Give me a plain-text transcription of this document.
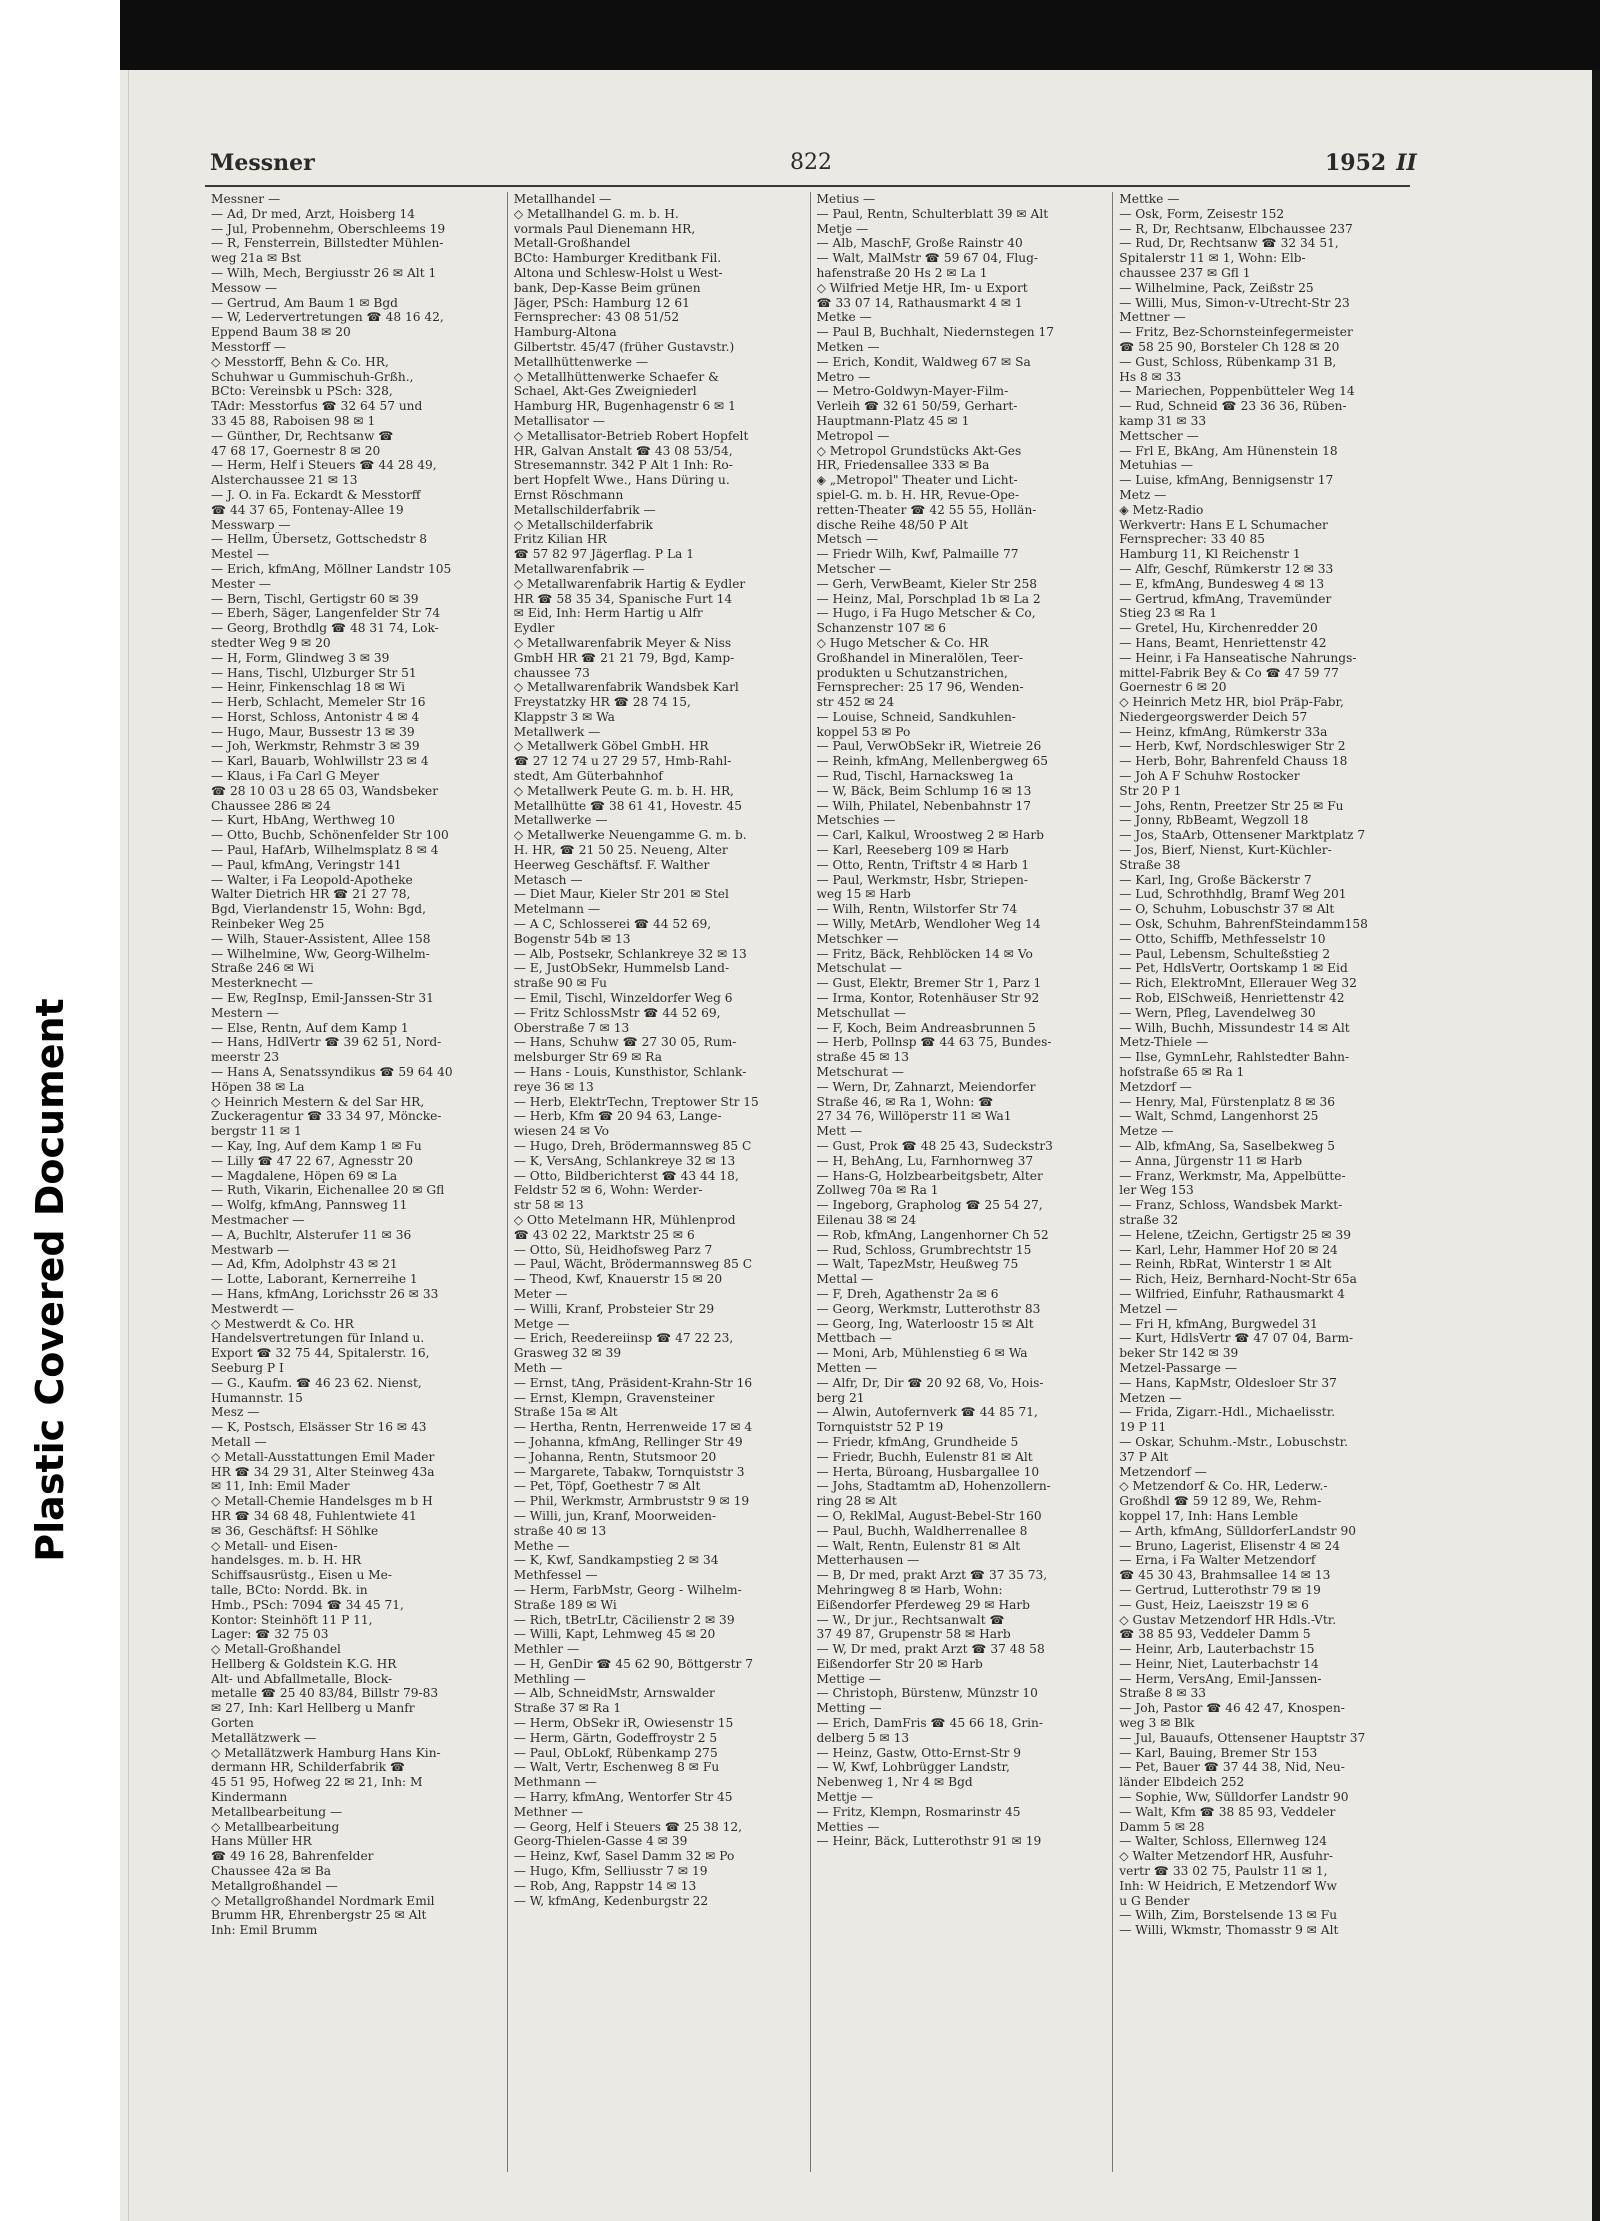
Plastic Covered Document
Messner	822	1952 II
Messner —
— Ad, Dr med, Arzt, Hoisberg 14
— Jul, Probennehm, Oberschleems 19
— R, Fensterrein, Billstedter Mühlen-
weg 21a ✉ Bst
— Wilh, Mech, Bergiusstr 26 ✉ Alt 1
Messow —
— Gertrud, Am Baum 1 ✉ Bgd
— W, Ledervertretungen ☎ 48 16 42,
Eppend Baum 38 ✉ 20
Messtorff —
◇ Messtorff, Behn & Co. HR,
Schuhwar u Gummischuh-Grßh.,
BCto: Vereinsbk u PSch: 328,
TAdr: Messtorfus ☎ 32 64 57 und
33 45 88, Raboisen 98 ✉ 1
— Günther, Dr, Rechtsanw ☎
47 68 17, Goernestr 8 ✉ 20
— Herm, Helf i Steuers ☎ 44 28 49,
Alsterchaussee 21 ✉ 13
— J. O. in Fa. Eckardt & Messtorff
☎ 44 37 65, Fontenay-Allee 19
Messwarp —
— Hellm, Übersetz, Gottschedstr 8
Mestel —
— Erich, kfmAng, Möllner Landstr 105
Mester —
— Bern, Tischl, Gertigstr 60 ✉ 39
— Eberh, Säger, Langenfelder Str 74
— Georg, Brothdlg ☎ 48 31 74, Lok-
stedter Weg 9 ✉ 20
— H, Form, Glindweg 3 ✉ 39
— Hans, Tischl, Ulzburger Str 51
— Heinr, Finkenschlag 18 ✉ Wi
— Herb, Schlacht, Memeler Str 16
— Horst, Schloss, Antonistr 4 ✉ 4
— Hugo, Maur, Bussestr 13 ✉ 39
— Joh, Werkmstr, Rehmstr 3 ✉ 39
— Karl, Bauarb, Wohlwillstr 23 ✉ 4
— Klaus, i Fa Carl G Meyer
☎ 28 10 03 u 28 65 03, Wandsbeker
Chaussee 286 ✉ 24
— Kurt, HbAng, Werthweg 10
— Otto, Buchb, Schönenfelder Str 100
— Paul, HafArb, Wilhelmsplatz 8 ✉ 4
— Paul, kfmAng, Veringstr 141
— Walter, i Fa Leopold-Apotheke
Walter Dietrich HR ☎ 21 27 78,
Bgd, Vierlandenstr 15, Wohn: Bgd,
Reinbeker Weg 25
— Wilh, Stauer-Assistent, Allee 158
— Wilhelmine, Ww, Georg-Wilhelm-
Straße 246 ✉ Wi
Mesterknecht —
— Ew, RegInsp, Emil-Janssen-Str 31
Mestern —
— Else, Rentn, Auf dem Kamp 1
— Hans, HdlVertr ☎ 39 62 51, Nord-
meerstr 23
— Hans A, Senatssyndikus ☎ 59 64 40
Höpen 38 ✉ La
◇ Heinrich Mestern & del Sar HR,
Zuckeragentur ☎ 33 34 97, Mönckе-
bergstr 11 ✉ 1
— Kay, Ing, Auf dem Kamp 1 ✉ Fu
— Lilly ☎ 47 22 67, Agnesstr 20
— Magdalene, Höpen 69 ✉ La
— Ruth, Vikarin, Eichenallee 20 ✉ Gfl
— Wolfg, kfmAng, Pannsweg 11
Mestmacher —
— A, Buchltr, Alsterufer 11 ✉ 36
Mestwarb —
— Ad, Kfm, Adolphstr 43 ✉ 21
— Lotte, Laborant, Kernerreihe 1
— Hans, kfmAng, Lorichsstr 26 ✉ 33
Mestwerdt —
◇ Mestwerdt & Co. HR
Handelsvertretungen für Inland u.
Export ☎ 32 75 44, Spitalerstr. 16,
Seeburg P I
— G., Kaufm. ☎ 46 23 62. Nienst,
Humannstr. 15
Mesz —
— K, Postsch, Elsässer Str 16 ✉ 43
Metall —
◇ Metall-Ausstattungen Emil Mader
HR ☎ 34 29 31, Alter Steinweg 43a
✉ 11, Inh: Emil Mader
◇ Metall-Chemie Handelsges m b H
HR ☎ 34 68 48, Fuhlentwiete 41
✉ 36, Geschäftsf: H Söhlke
◇ Metall- und Eisen-
handelsges. m. b. H. HR
Schiffsausrüstg., Eisen u Me-
talle, BCto: Nordd. Bk. in
Hmb., PSch: 7094 ☎ 34 45 71,
Kontor: Steinhöft 11 P 11,
Lager: ☎ 32 75 03
◇ Metall-Großhandel
Hellberg & Goldstein K.G. HR
Alt- und Abfallmetalle, Block-
metalle ☎ 25 40 83/84, Billstr 79-83
✉ 27, Inh: Karl Hellberg u Manfr
Gorten
Metallätzwerk —
◇ Metallätzwerk Hamburg Hans Kin-
dermann HR, Schilderfabrik ☎
45 51 95, Hofweg 22 ✉ 21, Inh: M
Kindermann
Metallbearbeitung —
◇ Metallbearbeitung
Hans Müller HR
☎ 49 16 28, Bahrenfelder
Chaussee 42a ✉ Ba
Metallgroßhandel —
◇ Metallgroßhandel Nordmark Emil
Brumm HR, Ehrenbergstr 25 ✉ Alt
Inh: Emil Brumm
Metallhandel —
◇ Metallhandel G. m. b. H.
vormals Paul Dienemann HR,
Metall-Großhandel
BCto: Hamburger Kreditbank Fil.
Altona und Schlesw-Holst u West-
bank, Dep-Kasse Beim grünen
Jäger, PSch: Hamburg 12 61
Fernsprecher: 43 08 51/52
Hamburg-Altona
Gilbertstr. 45/47 (früher Gustavstr.)
Metallhüttenwerke —
◇ Metallhüttenwerke Schaefer &
Schael, Akt-Ges Zweigniederl
Hamburg HR, Bugenhagenstr 6 ✉ 1
Metallisator —
◇ Metallisator-Betrieb Robert Hopfelt
HR, Galvan Anstalt ☎ 43 08 53/54,
Stresemannstr. 342 P Alt 1 Inh: Ro-
bert Hopfelt Wwe., Hans Düring u.
Ernst Röschmann
Metallschilderfabrik —
◇ Metallschilderfabrik
Fritz Kilian HR
☎ 57 82 97 Jägerflag. P La 1
Metallwarenfabrik —
◇ Metallwarenfabrik Hartig & Eydler
HR ☎ 58 35 34, Spanische Furt 14
✉ Eid, Inh: Herm Hartig u Alfr
Eydler
◇ Metallwarenfabrik Meyer & Niss
GmbH HR ☎ 21 21 79, Bgd, Kamp-
chaussee 73
◇ Metallwarenfabrik Wandsbek Karl
Freystatzky HR ☎ 28 74 15,
Klappstr 3 ✉ Wa
Metallwerk —
◇ Metallwerk Göbel GmbH. HR
☎ 27 12 74 u 27 29 57, Hmb-Rahl-
stedt, Am Güterbahnhof
◇ Metallwerk Peute G. m. b. H. HR,
Metallhütte ☎ 38 61 41, Hovestr. 45
Metallwerke —
◇ Metallwerke Neuengamme G. m. b.
H. HR, ☎ 21 50 25. Neueng, Alter
Heerweg Geschäftsf. F. Walther
Metasch —
— Diet Maur, Kieler Str 201 ✉ Stel
Metelmann —
— A C, Schlosserei ☎ 44 52 69,
Bogenstr 54b ✉ 13
— Alb, Postsekr, Schlankreye 32 ✉ 13
— E, JustObSekr, Hummelsb Land-
straße 90 ✉ Fu
— Emil, Tischl, Winzeldorfer Weg 6
— Fritz SchlossMstr ☎ 44 52 69,
Oberstraße 7 ✉ 13
— Hans, Schuhw ☎ 27 30 05, Rum-
melsburger Str 69 ✉ Ra
— Hans - Louis, Kunsthistor, Schlank-
reye 36 ✉ 13
— Herb, ElektrTechn, Treptower Str 15
— Herb, Kfm ☎ 20 94 63, Lange-
wiesen 24 ✉ Vo
— Hugo, Dreh, Brödermannsweg 85 C
— K, VersAng, Schlankreye 32 ✉ 13
— Otto, Bildberichterst ☎ 43 44 18,
Feldstr 52 ✉ 6, Wohn: Werder-
str 58 ✉ 13
◇ Otto Metelmann HR, Mühlenprod
☎ 43 02 22, Marktstr 25 ✉ 6
— Otto, Sü, Heidhofsweg Parz 7
— Paul, Wächt, Brödermannsweg 85 C
— Theod, Kwf, Knauerstr 15 ✉ 20
Meter —
— Willi, Kranf, Probsteier Str 29
Metge —
— Erich, Reedereiinsp ☎ 47 22 23,
Grasweg 32 ✉ 39
Meth —
— Ernst, tAng, Präsident-Krahn-Str 16
— Ernst, Klempn, Gravensteiner
Straße 15a ✉ Alt
— Hertha, Rentn, Herrenweide 17 ✉ 4
— Johanna, kfmAng, Rellinger Str 49
— Johanna, Rentn, Stutsmoor 20
— Margarete, Tabakw, Tornquiststr 3
— Pet, Töpf, Goethestr 7 ✉ Alt
— Phil, Werkmstr, Armbruststr 9 ✉ 19
— Willi, jun, Kranf, Moorweiden-
straße 40 ✉ 13
Methe —
— K, Kwf, Sandkampstieg 2 ✉ 34
Methfessel —
— Herm, FarbMstr, Georg - Wilhelm-
Straße 189 ✉ Wi
— Rich, tBetrLtr, Cäcilienstr 2 ✉ 39
— Willi, Kapt, Lehmweg 45 ✉ 20
Methler —
— H, GenDir ☎ 45 62 90, Böttgerstr 7
Methling —
— Alb, SchneidMstr, Arnswalder
Straße 37 ✉ Ra 1
— Herm, ObSekr iR, Owiesenstr 15
— Herm, Gärtn, Godeffroystr 2 5
— Paul, ObLokf, Rübenkamp 275
— Walt, Vertr, Eschenweg 8 ✉ Fu
Methmann —
— Harry, kfmAng, Wentorfer Str 45
Methner —
— Georg, Helf i Steuers ☎ 25 38 12,
Georg-Thielen-Gasse 4 ✉ 39
— Heinz, Kwf, Sasel Damm 32 ✉ Po
— Hugo, Kfm, Selliusstr 7 ✉ 19
— Rob, Ang, Rappstr 14 ✉ 13
— W, kfmAng, Kedenburgstr 22
Metius —
— Paul, Rentn, Schulterblatt 39 ✉ Alt
Metje —
— Alb, MaschF, Große Rainstr 40
— Walt, MalMstr ☎ 59 67 04, Flug-
hafenstraße 20 Hs 2 ✉ La 1
◇ Wilfried Metje HR, Im- u Export
☎ 33 07 14, Rathausmarkt 4 ✉ 1
Metke —
— Paul B, Buchhalt, Niedernstegen 17
Metken —
— Erich, Kondit, Waldweg 67 ✉ Sa
Metro —
— Metro-Goldwyn-Mayer-Film-
Verleih ☎ 32 61 50/59, Gerhart-
Hauptmann-Platz 45 ✉ 1
Metropol —
◇ Metropol Grundstücks Akt-Ges
HR, Friedensallee 333 ✉ Ba
◈ „Metropol" Theater und Licht-
spiel-G. m. b. H. HR, Revue-Ope-
retten-Theater ☎ 42 55 55, Hollän-
dische Reihe 48/50 P Alt
Metsch —
— Friedr Wilh, Kwf, Palmaille 77
Metscher —
— Gerh, VerwBeamt, Kieler Str 258
— Heinz, Mal, Porschplad 1b ✉ La 2
— Hugo, i Fa Hugo Metscher & Co,
Schanzenstr 107 ✉ 6
◇ Hugo Metscher & Co. HR
Großhandel in Mineralölen, Teer-
produkten u Schutzanstrichen,
Fernsprecher: 25 17 96, Wenden-
str 452 ✉ 24
— Louise, Schneid, Sandkuhlen-
koppel 53 ✉ Po
— Paul, VerwObSekr iR, Wietreie 26
— Reinh, kfmAng, Mellenbergweg 65
— Rud, Tischl, Harnacksweg 1a
— W, Bäck, Beim Schlump 16 ✉ 13
— Wilh, Philatel, Nebenbahnstr 17
Metschies —
— Carl, Kalkul, Wroostweg 2 ✉ Harb
— Karl, Reeseberg 109 ✉ Harb
— Otto, Rentn, Triftstr 4 ✉ Harb 1
— Paul, Werkmstr, Hsbr, Striepen-
weg 15 ✉ Harb
— Wilh, Rentn, Wilstorfer Str 74
— Willy, MetArb, Wendloher Weg 14
Metschker —
— Fritz, Bäck, Rehblöcken 14 ✉ Vo
Metschulat —
— Gust, Elektr, Bremer Str 1, Parz 1
— Irma, Kontor, Rotenhäuser Str 92
Metschullat —
— F, Koch, Beim Andreasbrunnen 5
— Herb, Pollnsp ☎ 44 63 75, Bundes-
straße 45 ✉ 13
Metschurat —
— Wern, Dr, Zahnarzt, Meiendorfer
Straße 46, ✉ Ra 1, Wohn: ☎
27 34 76, Willöperstr 11 ✉ Wa1
Mett —
— Gust, Prok ☎ 48 25 43, Sudeckstr3
— H, BehAng, Lu, Farnhornweg 37
— Hans-G, Holzbearbeitgsbetr, Alter
Zollweg 70a ✉ Ra 1
— Ingeborg, Grapholog ☎ 25 54 27,
Eilenau 38 ✉ 24
— Rob, kfmAng, Langenhorner Ch 52
— Rud, Schloss, Grumbrechtstr 15
— Walt, TapezMstr, Heußweg 75
Mettal —
— F, Dreh, Agathenstr 2a ✉ 6
— Georg, Werkmstr, Lutterothstr 83
— Georg, Ing, Waterloostr 15 ✉ Alt
Mettbach —
— Moni, Arb, Mühlenstieg 6 ✉ Wa
Metten —
— Alfr, Dr, Dir ☎ 20 92 68, Vo, Hois-
berg 21
— Alwin, Autofernverk ☎ 44 85 71,
Tornquiststr 52 P 19
— Friedr, kfmAng, Grundheide 5
— Friedr, Buchh, Eulenstr 81 ✉ Alt
— Herta, Büroang, Husbargallee 10
— Johs, Stadtamtm aD, Hohenzollern-
ring 28 ✉ Alt
— O, ReklMal, August-Bebel-Str 160
— Paul, Buchh, Waldherrenallee 8
— Walt, Rentn, Eulenstr 81 ✉ Alt
Metterhausen —
— B, Dr med, prakt Arzt ☎ 37 35 73,
Mehringweg 8 ✉ Harb, Wohn:
Eißendorfer Pferdeweg 29 ✉ Harb
— W., Dr jur., Rechtsanwalt ☎
37 49 87, Grupenstr 58 ✉ Harb
— W, Dr med, prakt Arzt ☎ 37 48 58
Eißendorfer Str 20 ✉ Harb
Mettige —
— Christoph, Bürstenw, Münzstr 10
Metting —
— Erich, DamFris ☎ 45 66 18, Grin-
delberg 5 ✉ 13
— Heinz, Gastw, Otto-Ernst-Str 9
— W, Kwf, Lohbrügger Landstr,
Nebenweg 1, Nr 4 ✉ Bgd
Mettje —
— Fritz, Klempn, Rosmarinstr 45
Metties —
— Heinr, Bäck, Lutterothstr 91 ✉ 19
Mettke —
— Osk, Form, Zeisestr 152
— R, Dr, Rechtsanw, Elbchaussee 237
— Rud, Dr, Rechtsanw ☎ 32 34 51,
Spitalerstr 11 ✉ 1, Wohn: Elb-
chaussee 237 ✉ Gfl 1
— Wilhelmine, Pack, Zeißstr 25
— Willi, Mus, Simon-v-Utrecht-Str 23
Mettner —
— Fritz, Bez-Schornsteinfegermeister
☎ 58 25 90, Borsteler Ch 128 ✉ 20
— Gust, Schloss, Rübenkamp 31 B,
Hs 8 ✉ 33
— Mariechen, Poppenbütteler Weg 14
— Rud, Schneid ☎ 23 36 36, Rüben-
kamp 31 ✉ 33
Mettscher —
— Frl E, BkAng, Am Hünenstein 18
Metuhias —
— Luise, kfmAng, Bennigsenstr 17
Metz —
◈ Metz-Radio
Werkvertr: Hans E L Schumacher
Fernsprecher: 33 40 85
Hamburg 11, Kl Reichenstr 1
— Alfr, Geschf, Rümkerstr 12 ✉ 33
— E, kfmAng, Bundesweg 4 ✉ 13
— Gertrud, kfmAng, Travemünder
Stieg 23 ✉ Ra 1
— Gretel, Hu, Kirchenredder 20
— Hans, Beamt, Henriettenstr 42
— Heinr, i Fa Hanseatische Nahrungs-
mittel-Fabrik Bey & Co ☎ 47 59 77
Goernestr 6 ✉ 20
◇ Heinrich Metz HR, biol Präp-Fabr,
Niedergeorgswerder Deich 57
— Heinz, kfmAng, Rümkerstr 33a
— Herb, Kwf, Nordschleswiger Str 2
— Herb, Bohr, Bahrenfeld Chauss 18
— Joh A F Schuhw Rostocker
Str 20 P 1
— Johs, Rentn, Preetzer Str 25 ✉ Fu
— Jonny, RbBeamt, Wegzoll 18
— Jos, StaArb, Ottensener Marktplatz 7
— Jos, Bierf, Nienst, Kurt-Küchler-
Straße 38
— Karl, Ing, Große Bäckerstr 7
— Lud, Schrothhdlg, Bramf Weg 201
— O, Schuhm, Lobuschstr 37 ✉ Alt
— Osk, Schuhm, BahrenfSteindamm158
— Otto, Schiffb, Methfesselstr 10
— Paul, Lebensm, Schulteßstieg 2
— Pet, HdlsVertr, Oortskamp 1 ✉ Eid
— Rich, ElektroMnt, Ellerauer Weg 32
— Rob, ElSchweiß, Henriettenstr 42
— Wern, Pfleg, Lavendelweg 30
— Wilh, Buchh, Missundestr 14 ✉ Alt
Metz-Thiele —
— Ilse, GymnLehr, Rahlstedter Bahn-
hofstraße 65 ✉ Ra 1
Metzdorf —
— Henry, Mal, Fürstenplatz 8 ✉ 36
— Walt, Schmd, Langenhorst 25
Metze —
— Alb, kfmAng, Sa, Saselbekweg 5
— Anna, Jürgenstr 11 ✉ Harb
— Franz, Werkmstr, Ma, Appelbütte-
ler Weg 153
— Franz, Schloss, Wandsbek Markt-
straße 32
— Helene, tZeichn, Gertigstr 25 ✉ 39
— Karl, Lehr, Hammer Hof 20 ✉ 24
— Reinh, RbRat, Winterstr 1 ✉ Alt
— Rich, Heiz, Bernhard-Nocht-Str 65a
— Wilfried, Einfuhr, Rathausmarkt 4
Metzel —
— Fri H, kfmAng, Burgwedel 31
— Kurt, HdlsVertr ☎ 47 07 04, Barm-
beker Str 142 ✉ 39
Metzel-Passarge —
— Hans, KapMstr, Oldesloer Str 37
Metzen —
— Frida, Zigarr.-Hdl., Michaelisstr.
19 P 11
— Oskar, Schuhm.-Mstr., Lobuschstr.
37 P Alt
Metzendorf —
◇ Metzendorf & Co. HR, Lederw.-
Großhdl ☎ 59 12 89, We, Rehm-
koppel 17, Inh: Hans Lemble
— Arth, kfmAng, SülldorferLandstr 90
— Bruno, Lagerist, Elisenstr 4 ✉ 24
— Erna, i Fa Walter Metzendorf
☎ 45 30 43, Brahmsallee 14 ✉ 13
— Gertrud, Lutterothstr 79 ✉ 19
— Gust, Heiz, Laeiszstr 19 ✉ 6
◇ Gustav Metzendorf HR Hdls.-Vtr.
☎ 38 85 93, Veddeler Damm 5
— Heinr, Arb, Lauterbachstr 15
— Heinr, Niet, Lauterbachstr 14
— Herm, VersAng, Emil-Janssen-
Straße 8 ✉ 33
— Joh, Pastor ☎ 46 42 47, Knospen-
weg 3 ✉ Blk
— Jul, Bauaufs, Ottensener Hauptstr 37
— Karl, Bauing, Bremer Str 153
— Pet, Bauer ☎ 37 44 38, Nid, Neu-
länder Elbdeich 252
— Sophie, Ww, Sülldorfer Landstr 90
— Walt, Kfm ☎ 38 85 93, Veddeler
Damm 5 ✉ 28
— Walter, Schloss, Ellernweg 124
◇ Walter Metzendorf HR, Ausfuhr-
vertr ☎ 33 02 75, Paulstr 11 ✉ 1,
Inh: W Heidrich, E Metzendorf Ww
u G Bender
— Wilh, Zim, Borstelsende 13 ✉ Fu
— Willi, Wkmstr, Thomasstr 9 ✉ Alt
